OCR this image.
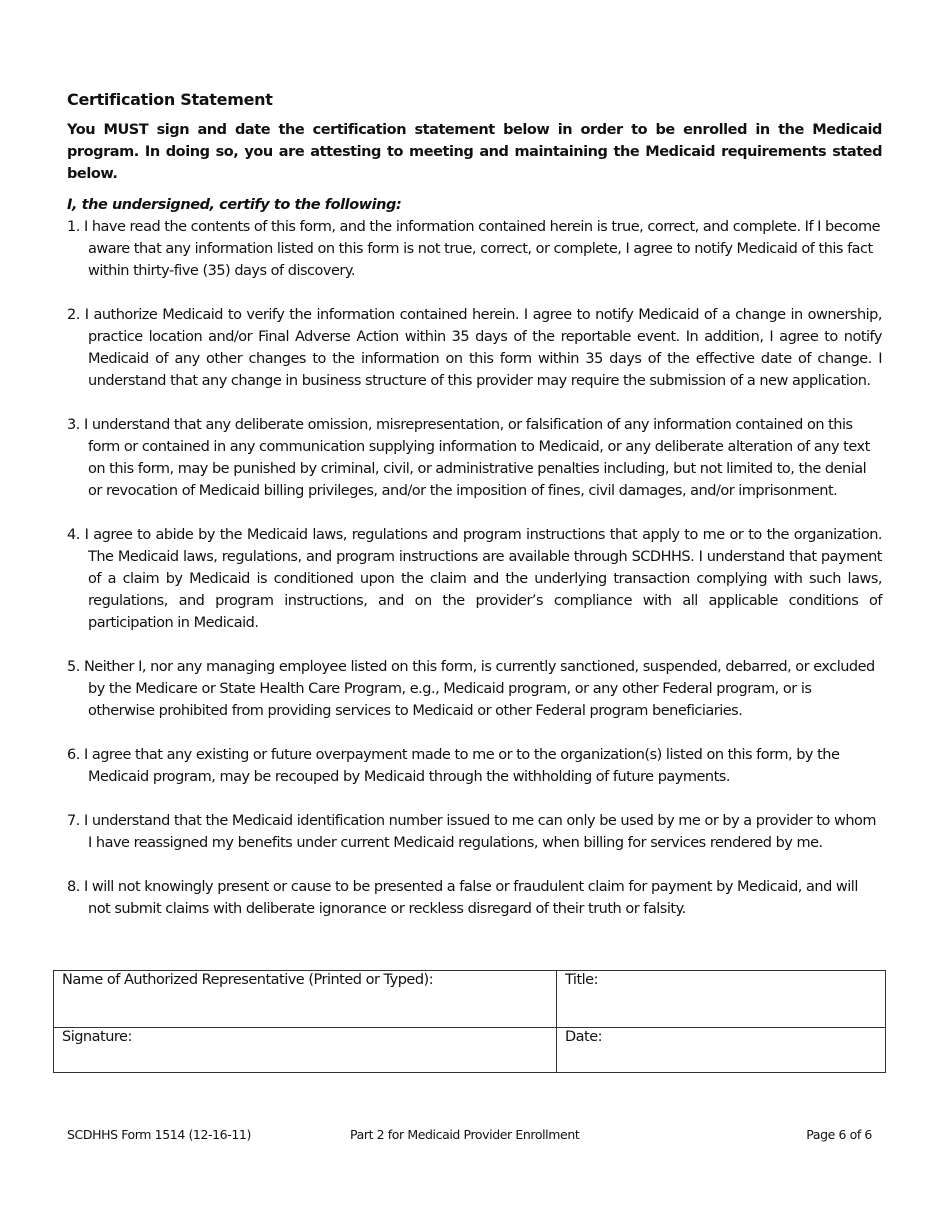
Certification Statement

You MUST sign and date the certification statement below in order to be enrolled in the Medicaid program. In doing so, you are attesting to meeting and maintaining the Medicaid requirements stated below.

I, the undersigned, certify to the following:

1. I have read the contents of this form, and the information contained herein is true, correct, and complete. If I become aware that any information listed on this form is not true, correct, or complete, I agree to notify Medicaid of this fact within thirty-five (35) days of discovery.
2. I authorize Medicaid to verify the information contained herein. I agree to notify Medicaid of a change in ownership, practice location and/or Final Adverse Action within 35 days of the reportable event. In addition, I agree to notify Medicaid of any other changes to the information on this form within 35 days of the effective date of change. I understand that any change in business structure of this provider may require the submission of a new application.
3. I understand that any deliberate omission, misrepresentation, or falsification of any information contained on this form or contained in any communication supplying information to Medicaid, or any deliberate alteration of any text on this form, may be punished by criminal, civil, or administrative penalties including, but not limited to, the denial or revocation of Medicaid billing privileges, and/or the imposition of fines, civil damages, and/or imprisonment.
4. I agree to abide by the Medicaid laws, regulations and program instructions that apply to me or to the organization. The Medicaid laws, regulations, and program instructions are available through SCDHHS. I understand that payment of a claim by Medicaid is conditioned upon the claim and the underlying transaction complying with such laws, regulations, and program instructions, and on the provider’s compliance with all applicable conditions of participation in Medicaid.
5. Neither I, nor any managing employee listed on this form, is currently sanctioned, suspended, debarred, or excluded by the Medicare or State Health Care Program, e.g., Medicaid program, or any other Federal program, or is otherwise prohibited from providing services to Medicaid or other Federal program beneficiaries.
6. I agree that any existing or future overpayment made to me or to the organization(s) listed on this form, by the Medicaid program, may be recouped by Medicaid through the withholding of future payments.
7. I understand that the Medicaid identification number issued to me can only be used by me or by a provider to whom I have reassigned my benefits under current Medicaid regulations, when billing for services rendered by me.
8. I will not knowingly present or cause to be presented a false or fraudulent claim for payment by Medicaid, and will not submit claims with deliberate ignorance or reckless disregard of their truth or falsity.
Name of Authorized Representative (Printed or Typed):	Title:
Signature:	Date:
SCDHHS Form 1514 (12-16-11)	Part 2 for Medicaid Provider Enrollment	Page 6 of 6
